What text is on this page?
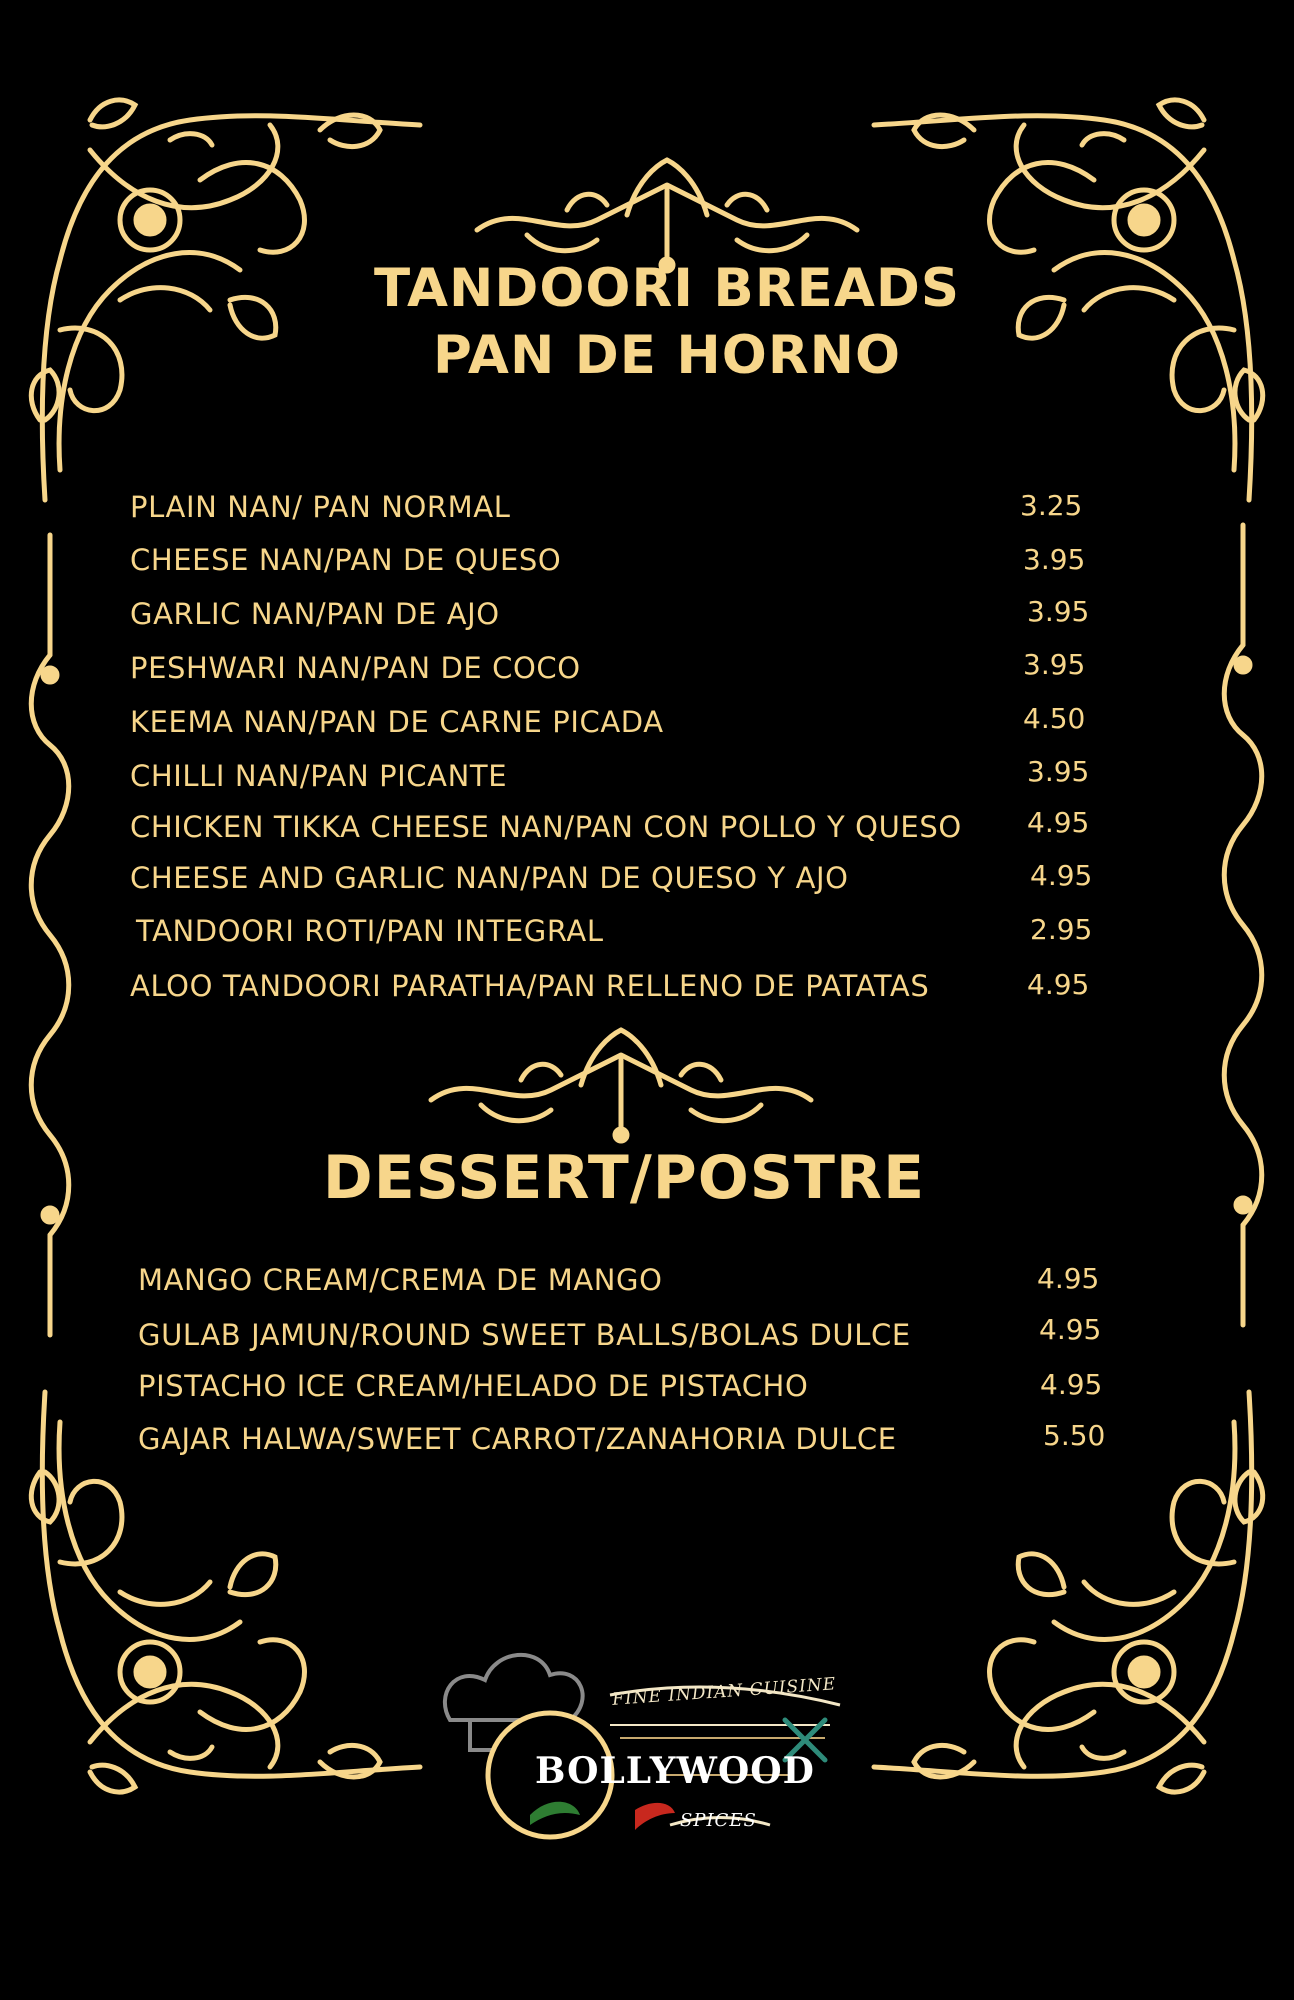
TANDOORI BREADS
PAN DE HORNO
PLAIN NAN/ PAN NORMAL	3.25
CHEESE NAN/PAN DE QUESO	3.95
GARLIC NAN/PAN DE AJO	3.95
PESHWARI NAN/PAN DE COCO	3.95
KEEMA NAN/PAN DE CARNE PICADA	4.50
CHILLI NAN/PAN PICANTE	3.95
CHICKEN TIKKA CHEESE NAN/PAN CON POLLO Y QUESO 4.95
CHEESE AND GARLIC NAN/PAN DE QUESO Y AJO	4.95
TANDOORI ROTI/PAN INTEGRAL	2.95
ALOO TANDOORI PARATHA/PAN RELLENO DE PATATAS	4.95
DESSERT/POSTRE
MANGO CREAM/CREMA DE MANGO	4.95
GULAB JAMUN/ROUND SWEET BALLS/BOLAS DULCE	4.95
PISTACHO ICE CREAM/HELADO DE PISTACHO	4.95
GAJAR HALWA/SWEET CARROT/ZANAHORIA DULCE	5.50
FINE INDIAN CUISINE
BOLLYWOOD
SPICES
